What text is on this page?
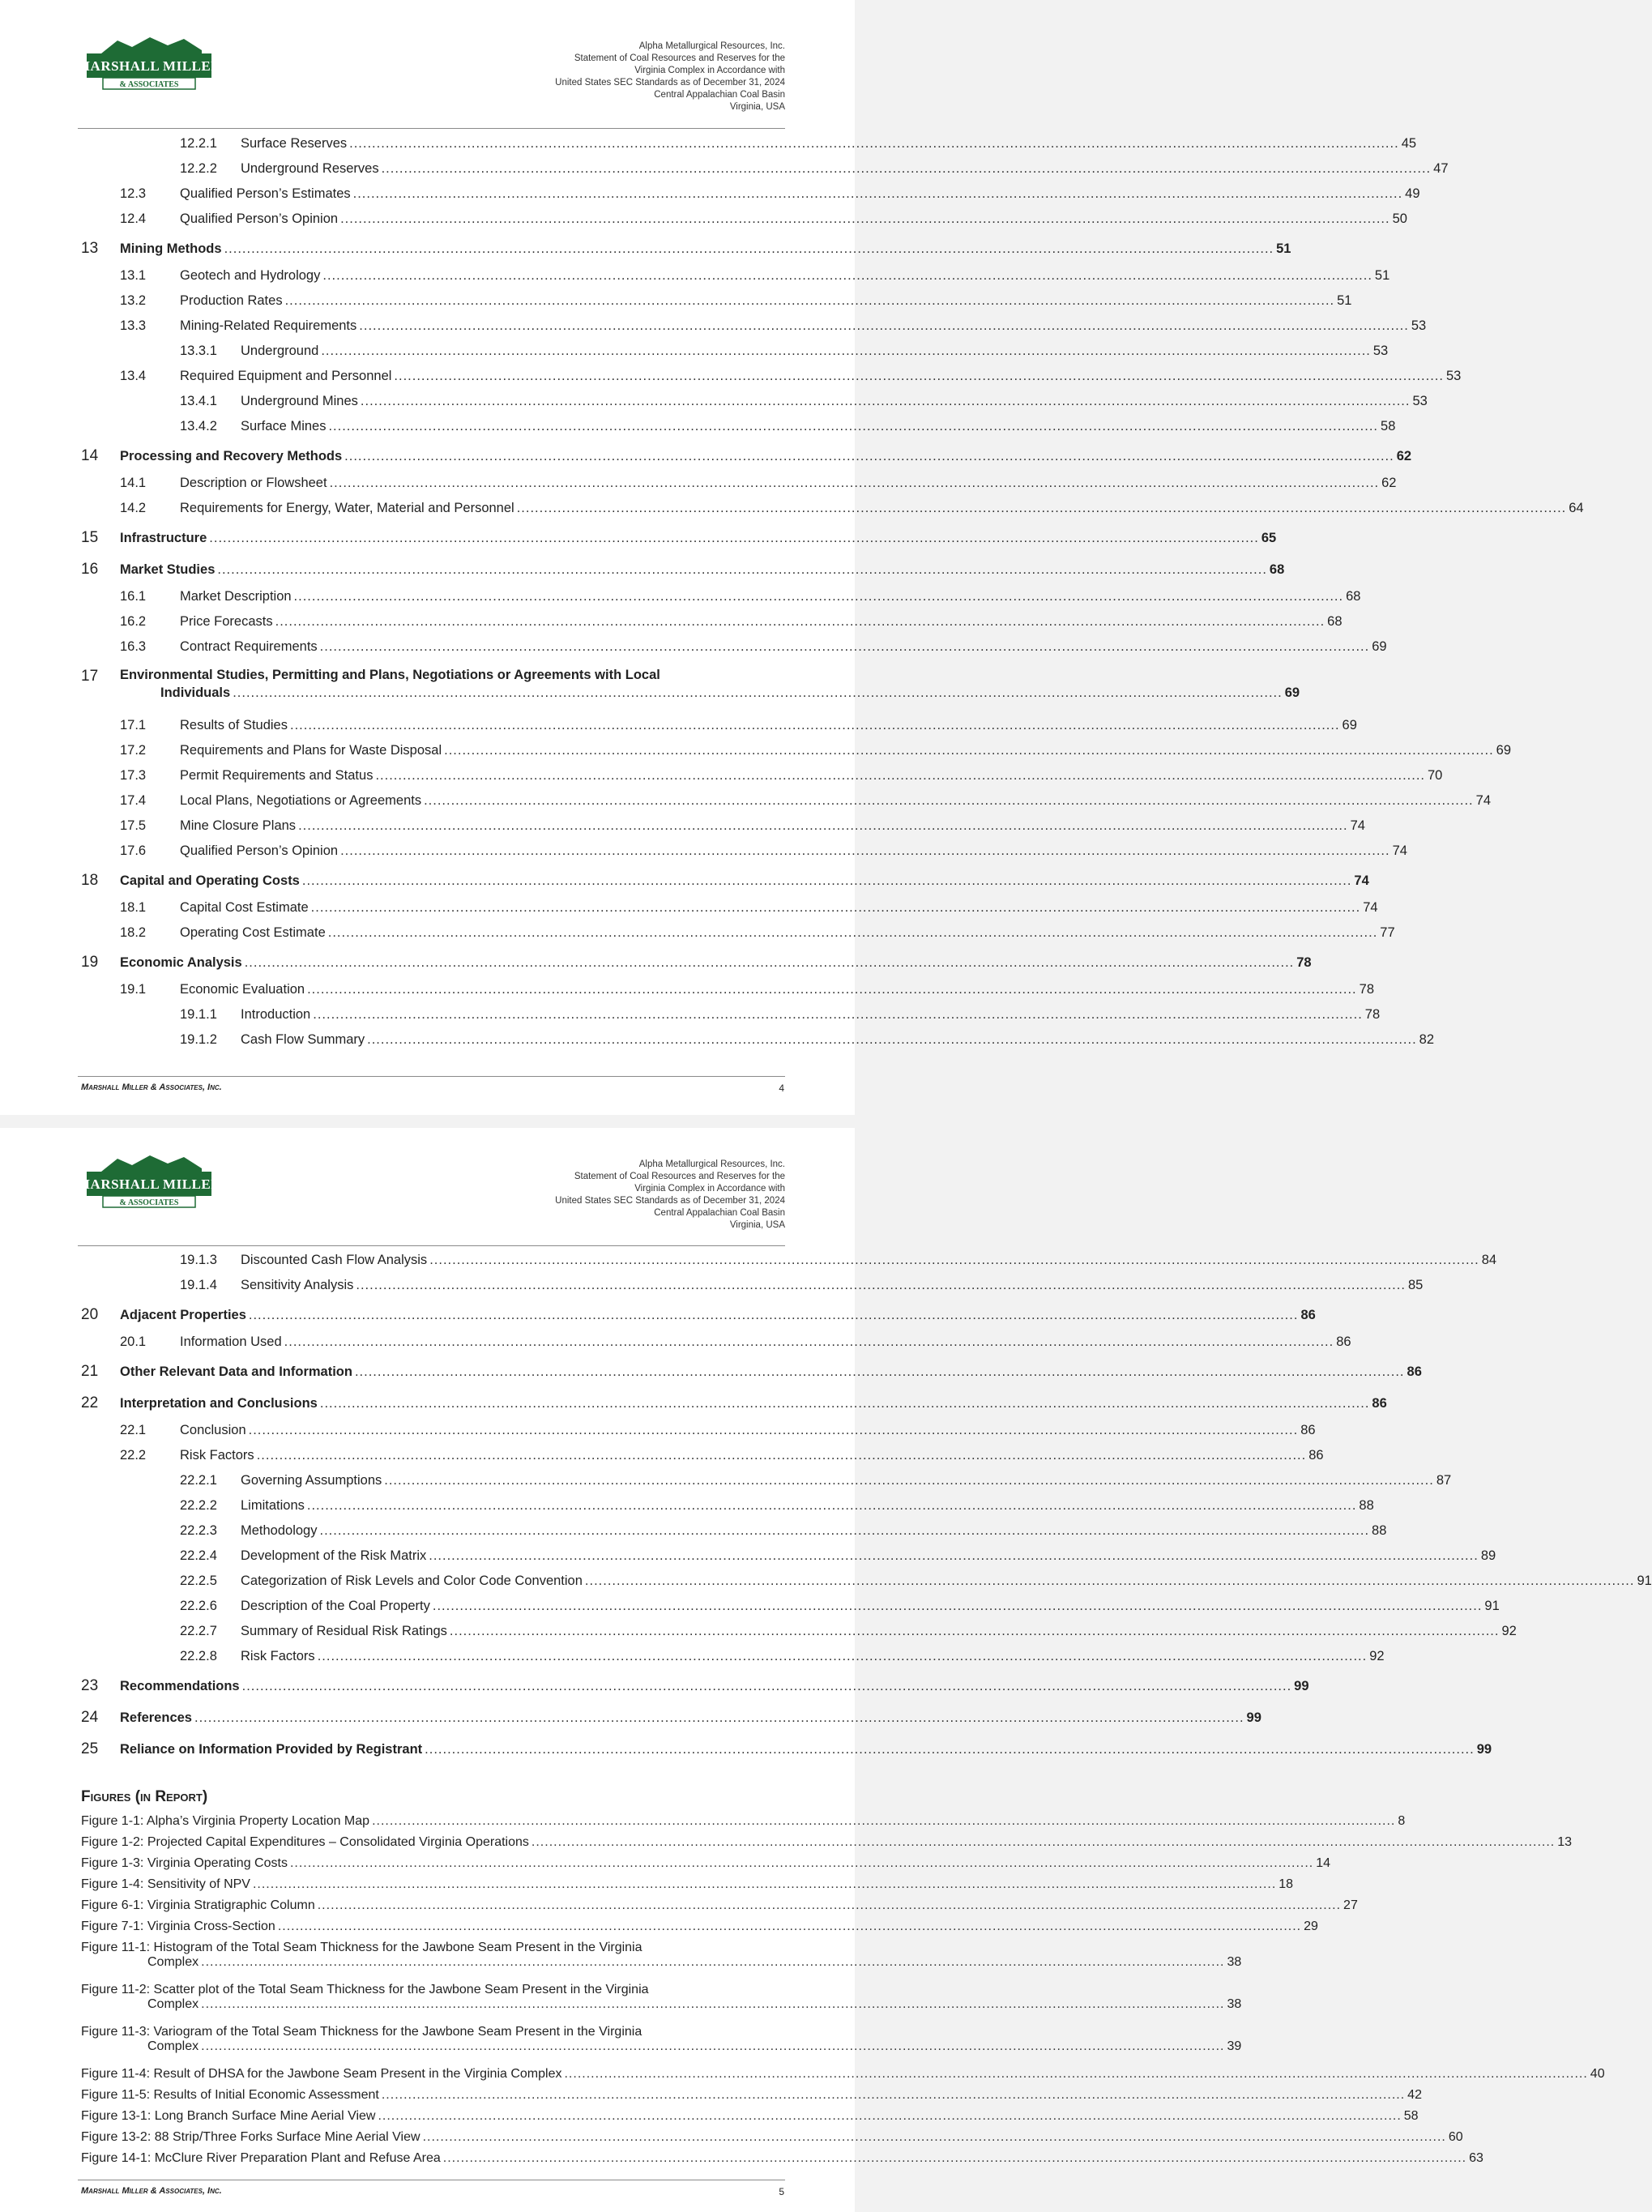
MARSHALL MILLER
& ASSOCIATES
Alpha Metallurgical Resources, Inc.
Statement of Coal Resources and Reserves for the
Virginia Complex in Accordance with
United States SEC Standards as of December 31, 2024
Central Appalachian Coal Basin
Virginia, USA
12.2.1	Surface Reserves .....	45
12.2.2	Underground Reserves .....	47
12.3	Qualified Person’s Estimates .....	49
12.4	Qualified Person’s Opinion .....	50
13	Mining Methods .....	51
13.1	Geotech and Hydrology .....	51
13.2	Production Rates .....	51
13.3	Mining-Related Requirements .....	53
13.3.1	Underground .....	53
13.4	Required Equipment and Personnel .....	53
13.4.1	Underground Mines .....	53
13.4.2	Surface Mines .....	58
14	Processing and Recovery Methods .....	62
14.1	Description or Flowsheet .....	62
14.2	Requirements for Energy, Water, Material and Personnel .....	64
15	Infrastructure .....	65
16	Market Studies .....	68
16.1	Market Description .....	68
16.2	Price Forecasts .....	68
16.3	Contract Requirements .....	69
17	Environmental Studies, Permitting and Plans, Negotiations or Agreements with Local
Individuals .....	69
17.1	Results of Studies .....	69
17.2	Requirements and Plans for Waste Disposal .....	69
17.3	Permit Requirements and Status .....	70
17.4	Local Plans, Negotiations or Agreements .....	74
17.5	Mine Closure Plans .....	74
17.6	Qualified Person’s Opinion .....	74
18	Capital and Operating Costs .....	74
18.1	Capital Cost Estimate .....	74
18.2	Operating Cost Estimate .....	77
19	Economic Analysis .....	78
19.1	Economic Evaluation .....	78
19.1.1	Introduction .....	78
19.1.2	Cash Flow Summary .....	82
Marshall Miller & Associates, Inc.	4
MARSHALL MILLER
& ASSOCIATES
Alpha Metallurgical Resources, Inc.
Statement of Coal Resources and Reserves for the
Virginia Complex in Accordance with
United States SEC Standards as of December 31, 2024
Central Appalachian Coal Basin
Virginia, USA
19.1.3	Discounted Cash Flow Analysis .....	84
19.1.4	Sensitivity Analysis .....	85
20	Adjacent Properties .....	86
20.1	Information Used .....	86
21	Other Relevant Data and Information .....	86
22	Interpretation and Conclusions .....	86
22.1	Conclusion .....	86
22.2	Risk Factors .....	86
22.2.1	Governing Assumptions .....	87
22.2.2	Limitations .....	88
22.2.3	Methodology .....	88
22.2.4	Development of the Risk Matrix .....	89
22.2.5	Categorization of Risk Levels and Color Code Convention .....	91
22.2.6	Description of the Coal Property .....	91
22.2.7	Summary of Residual Risk Ratings .....	92
22.2.8	Risk Factors .....	92
23	Recommendations .....	99
24	References .....	99
25	Reliance on Information Provided by Registrant .....	99
Figures (in Report)
Figure 1-1: Alpha’s Virginia Property Location Map .....	8
Figure 1-2: Projected Capital Expenditures – Consolidated Virginia Operations .....	13
Figure 1-3: Virginia Operating Costs .....	14
Figure 1-4: Sensitivity of NPV .....	18
Figure 6-1: Virginia Stratigraphic Column .....	27
Figure 7-1: Virginia Cross-Section .....	29
Figure 11-1: Histogram of the Total Seam Thickness for the Jawbone Seam Present in the Virginia
Complex .....	38
Figure 11-2: Scatter plot of the Total Seam Thickness for the Jawbone Seam Present in the Virginia
Complex .....	38
Figure 11-3: Variogram of the Total Seam Thickness for the Jawbone Seam Present in the Virginia
Complex .....	39
Figure 11-4: Result of DHSA for the Jawbone Seam Present in the Virginia Complex .....	40
Figure 11-5: Results of Initial Economic Assessment .....	42
Figure 13-1: Long Branch Surface Mine Aerial View .....	58
Figure 13-2: 88 Strip/Three Forks Surface Mine Aerial View .....	60
Figure 14-1: McClure River Preparation Plant and Refuse Area .....	63
Marshall Miller & Associates, Inc.	5
